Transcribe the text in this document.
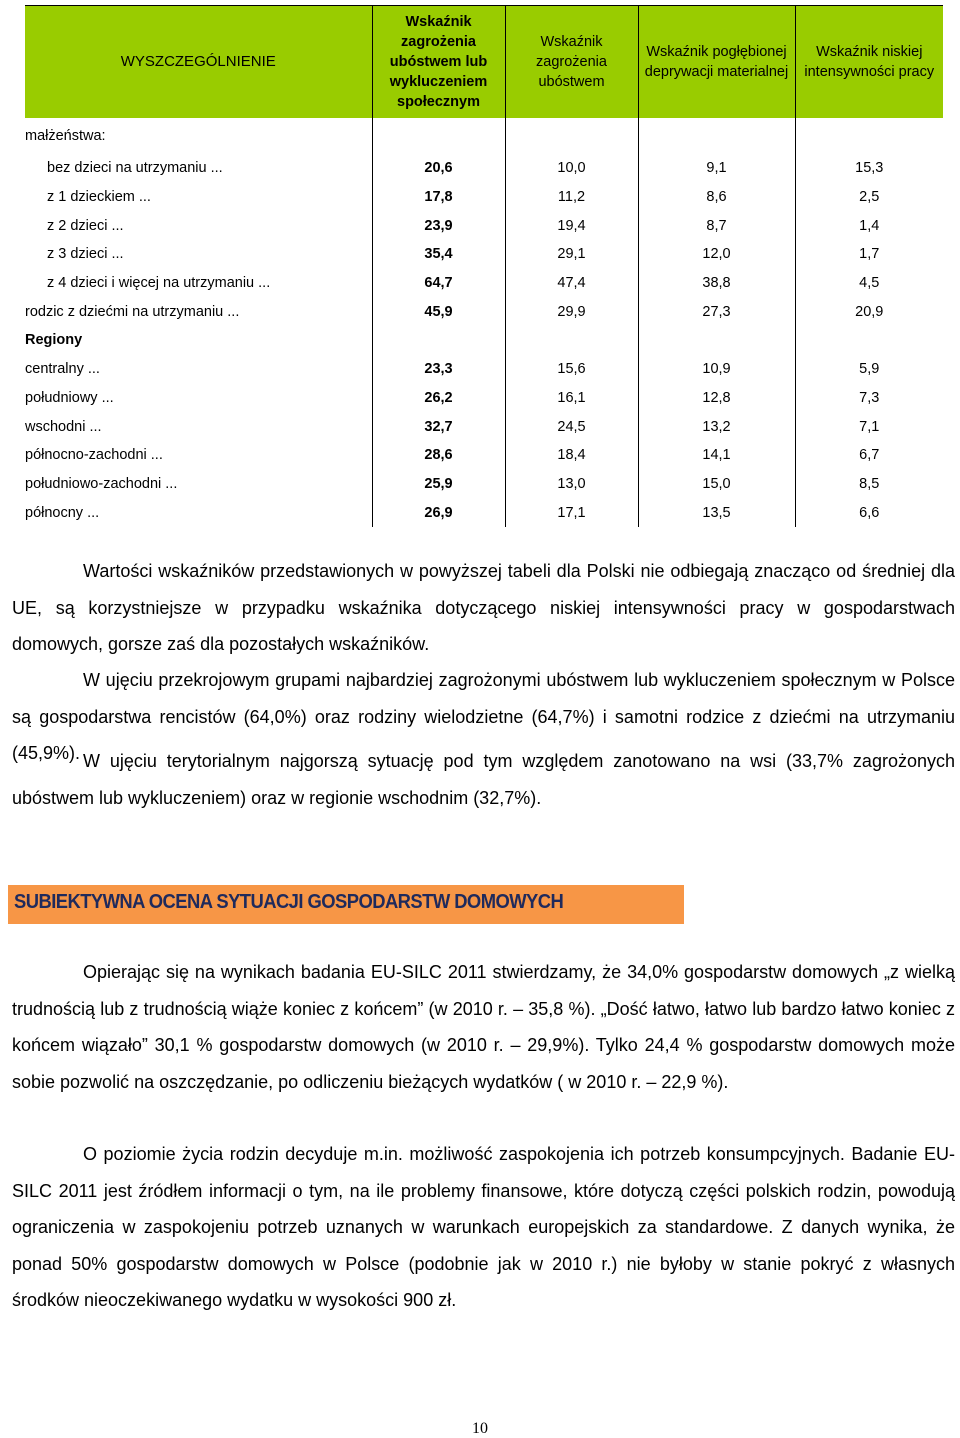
WYSZCZEGÓLNIENIE	Wskaźnik zagrożenia ubóstwem lub wykluczeniem społecznym	Wskaźnik zagrożenia ubóstwem	Wskaźnik pogłębionej deprywacji materialnej	Wskaźnik niskiej intensywności pracy
małżeństwa:				
bez dzieci na utrzymaniu ...	20,6	10,0	9,1	15,3
z 1 dzieckiem ...	17,8	11,2	8,6	2,5
z 2 dzieci ...	23,9	19,4	8,7	1,4
z 3 dzieci ...	35,4	29,1	12,0	1,7
z 4 dzieci i więcej na utrzymaniu ...	64,7	47,4	38,8	4,5
rodzic z dziećmi na utrzymaniu ...	45,9	29,9	27,3	20,9
Regiony				
centralny ...	23,3	15,6	10,9	5,9
południowy ...	26,2	16,1	12,8	7,3
wschodni ...	32,7	24,5	13,2	7,1
północno-zachodni ...	28,6	18,4	14,1	6,7
południowo-zachodni ...	25,9	13,0	15,0	8,5
północny ...	26,9	17,1	13,5	6,6

Wartości wskaźników przedstawionych w powyższej tabeli dla Polski nie odbiegają znacząco od średniej dla UE, są korzystniejsze w przypadku wskaźnika dotyczącego niskiej intensywności pracy w gospodarstwach domowych, gorsze zaś dla pozostałych wskaźników.

W ujęciu przekrojowym grupami najbardziej zagrożonymi ubóstwem lub wykluczeniem społecznym w Polsce są gospodarstwa rencistów (64,0%) oraz rodziny wielodzietne (64,7%) i samotni rodzice z dziećmi na utrzymaniu (45,9%). W ujęciu terytorialnym najgorszą sytuację pod tym względem zanotowano na wsi (33,7% zagrożonych ubóstwem lub wykluczeniem) oraz w regionie wschodnim (32,7%).

SUBIEKTYWNA OCENA SYTUACJI GOSPODARSTW DOMOWYCH

Opierając się na wynikach badania EU-SILC 2011 stwierdzamy, że 34,0% gospodarstw domowych „z wielką trudnością lub z trudnością wiąże koniec z końcem” (w 2010 r. – 35,8 %). „Dość łatwo, łatwo lub bardzo łatwo koniec z końcem wiązało” 30,1 % gospodarstw domowych (w 2010 r. – 29,9%). Tylko 24,4 % gospodarstw domowych może sobie pozwolić na oszczędzanie, po odliczeniu bieżących wydatków ( w 2010 r. – 22,9 %).

O poziomie życia rodzin decyduje m.in. możliwość zaspokojenia ich potrzeb konsumpcyjnych. Badanie EU-SILC 2011 jest źródłem informacji o tym, na ile problemy finansowe, które dotyczą części polskich rodzin, powodują ograniczenia w zaspokojeniu potrzeb uznanych w warunkach europejskich za standardowe. Z danych wynika, że ponad 50% gospodarstw domowych w Polsce (podobnie jak w 2010 r.) nie byłoby w stanie pokryć z własnych środków nieoczekiwanego wydatku w wysokości 900 zł.

10
